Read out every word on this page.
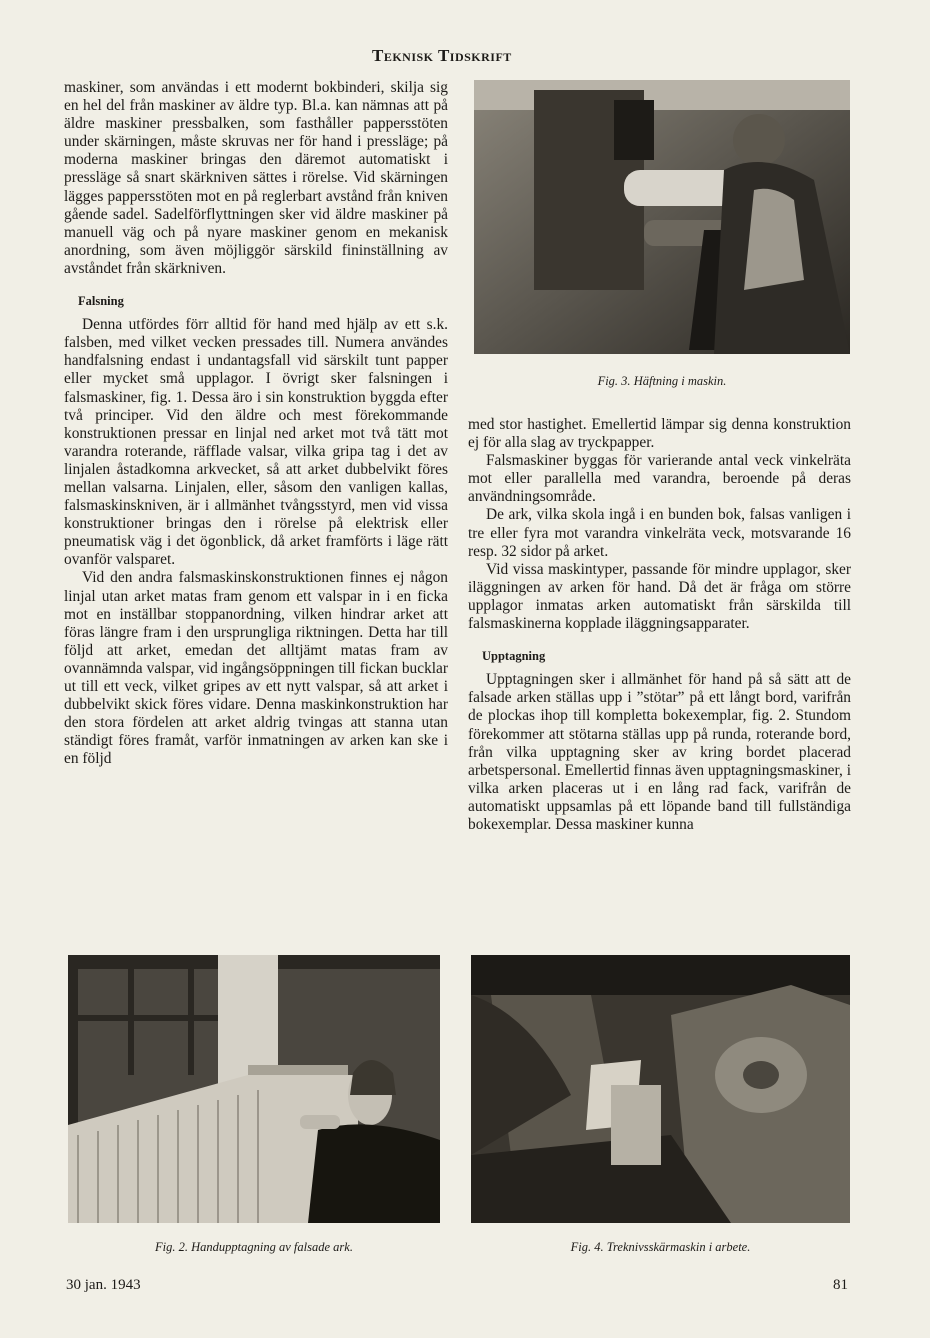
Teknisk Tidskrift

maskiner, som användas i ett modernt bokbinderi, skilja sig en hel del från maskiner av äldre typ. Bl.a. kan nämnas att på äldre maskiner pressbalken, som fasthåller pappersstöten under skärningen, måste skruvas ner för hand i pressläge; på moderna maskiner bringas den däremot automatiskt i pressläge så snart skärkniven sättes i rörelse. Vid skärningen lägges pappersstöten mot en på reglerbart avstånd från kniven gående sadel. Sadelförflyttningen sker vid äldre maskiner på manuell väg och på nyare maskiner genom en mekanisk anordning, som även möjliggör särskild fininställning av avståndet från skärkniven.

Falsning

Denna utfördes förr alltid för hand med hjälp av ett s.k. falsben, med vilket vecken pressades till. Numera användes handfalsning endast i undantagsfall vid särskilt tunt papper eller mycket små upplagor. I övrigt sker falsningen i falsmaskiner, fig. 1. Dessa äro i sin konstruktion byggda efter två principer. Vid den äldre och mest förekommande konstruktionen pressar en linjal ned arket mot två tätt mot varandra roterande, räfflade valsar, vilka gripa tag i det av linjalen åstadkomna arkvecket, så att arket dubbelvikt föres mellan valsarna. Linjalen, eller, såsom den vanligen kallas, falsmaskinskniven, är i allmänhet tvångsstyrd, men vid vissa konstruktioner bringas den i rörelse på elektrisk eller pneumatisk väg i det ögonblick, då arket framförts i läge rätt ovanför valsparet.

Vid den andra falsmaskinskonstruktionen finnes ej någon linjal utan arket matas fram genom ett valspar in i en ficka mot en inställbar stoppanordning, vilken hindrar arket att föras längre fram i den ursprungliga riktningen. Detta har till följd att arket, emedan det alltjämt matas fram av ovannämnda valspar, vid ingångsöppningen till fickan bucklar ut till ett veck, vilket gripes av ett nytt valspar, så att arket i dubbelvikt skick föres vidare. Denna maskinkonstruktion har den stora fördelen att arket aldrig tvingas att stanna utan ständigt föres framåt, varför inmatningen av arken kan ske i en följd

Fig. 3. Häftning i maskin.

med stor hastighet. Emellertid lämpar sig denna konstruktion ej för alla slag av tryckpapper.

Falsmaskiner byggas för varierande antal veck vinkelräta mot eller parallella med varandra, beroende på deras användningsområde.

De ark, vilka skola ingå i en bunden bok, falsas vanligen i tre eller fyra mot varandra vinkelräta veck, motsvarande 16 resp. 32 sidor på arket.

Vid vissa maskintyper, passande för mindre upplagor, sker iläggningen av arken för hand. Då det är fråga om större upplagor inmatas arken automatiskt från särskilda till falsmaskinerna kopplade iläggningsapparater.

Upptagning

Upptagningen sker i allmänhet för hand på så sätt att de falsade arken ställas upp i ”stötar” på ett långt bord, varifrån de plockas ihop till kompletta bokexemplar, fig. 2. Stundom förekommer att stötarna ställas upp på runda, roterande bord, från vilka upptagning sker av kring bordet placerad arbetspersonal. Emellertid finnas även upptagningsmaskiner, i vilka arken placeras ut i en lång rad fack, varifrån de automatiskt uppsamlas på ett löpande band till fullständiga bokexemplar. Dessa maskiner kunna

Fig. 2. Handupptagning av falsade ark.	Fig. 4. Treknivsskärmaskin i arbete.
30 jan. 1943	81
